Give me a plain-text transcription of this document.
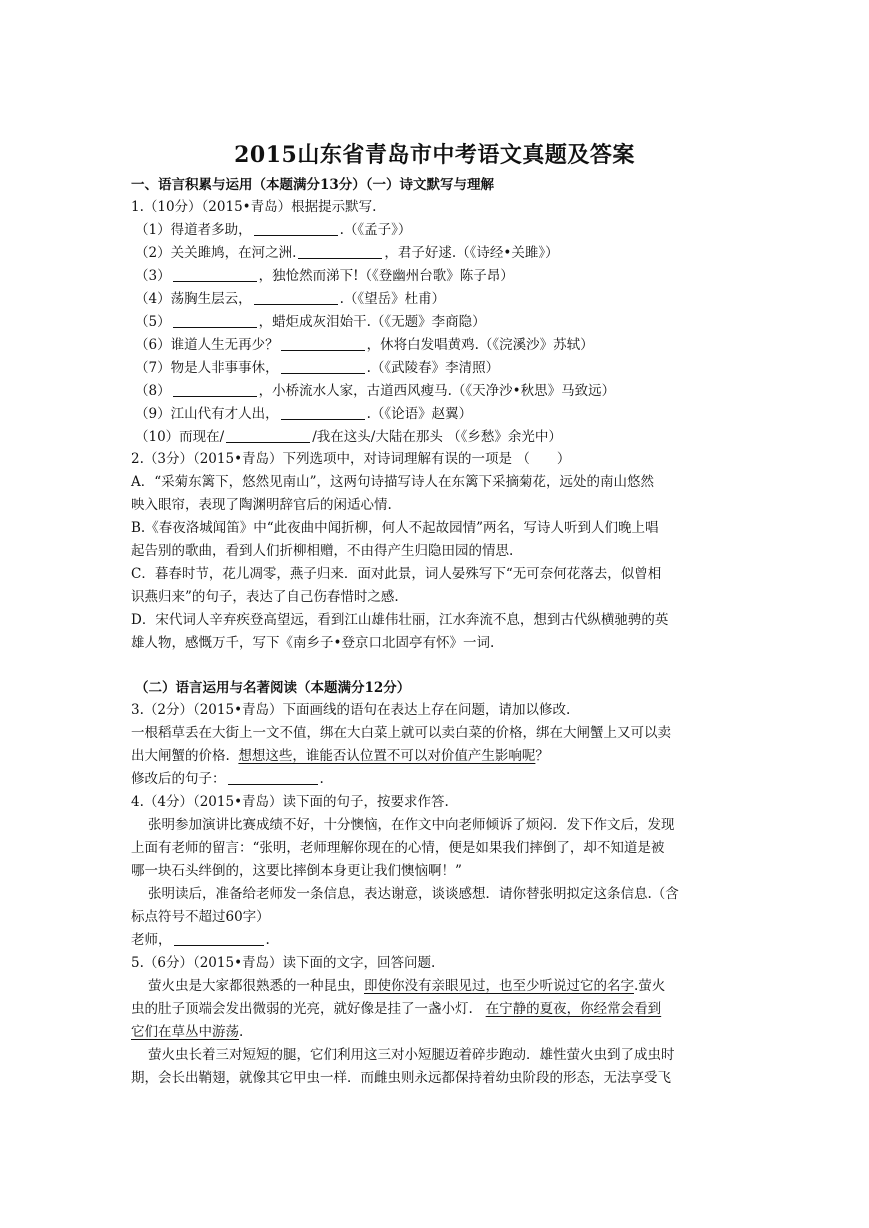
2015山东省青岛市中考语文真题及答案
一、语言积累与运用（本题满分13分）（一）诗文默写与理解
1.（10分）（2015•青岛）根据提示默写.
（1）得道者多助，	.（《孟子》）
（2）关关雎鸠，在河之洲.	，君子好逑.（《诗经•关雎》）
（3）	，独怆然而涕下!（《登幽州台歌》陈子昂）
（4）荡胸生层云，	.（《望岳》杜甫）
（5）	，蜡炬成灰泪始干.（《无题》李商隐）
（6）谁道人生无再少？	，休将白发唱黄鸡.（《浣溪沙》苏轼）
（7）物是人非事事休，	.（《武陵春》李清照）
（8）	，小桥流水人家，古道西风瘦马.（《天净沙•秋思》马致远）
（9）江山代有才人出，	.（《论语》赵翼）
（10）而现在/	/我在这头/大陆在那头 （《乡愁》余光中）
2.（3分）（2015•青岛）下列选项中，对诗词理解有误的一项是 （　　）
A．“采菊东篱下，悠然见南山”，这两句诗描写诗人在东篱下采摘菊花，远处的南山悠然
映入眼帘，表现了陶渊明辞官后的闲适心情.
B.《春夜洛城闻笛》中“此夜曲中闻折柳，何人不起故园情”两名，写诗人听到人们晚上唱
起告别的歌曲，看到人们折柳相赠，不由得产生归隐田园的情思.
C．暮春时节，花儿凋零，燕子归来．面对此景，词人晏殊写下“无可奈何花落去，似曾相
识燕归来”的句子，表达了自己伤春惜时之感.
D．宋代词人辛弃疾登高望远，看到江山雄伟壮丽，江水奔流不息，想到古代纵横驰骋的英
雄人物，感慨万千，写下《南乡子•登京口北固亭有怀》一词.
（二）语言运用与名著阅读（本题满分12分）
3.（2分）（2015•青岛）下面画线的语句在表达上存在问题，请加以修改.
一根稻草丢在大街上一文不值，绑在大白菜上就可以卖白菜的价格，绑在大闸蟹上又可以卖
出大闸蟹的价格. 想想这些，谁能否认位置不可以对价值产生影响呢？
修改后的句子：	.
4.（4分）（2015•青岛）读下面的句子，按要求作答.
张明参加演讲比赛成绩不好，十分懊恼，在作文中向老师倾诉了烦闷．发下作文后，发现
上面有老师的留言：“张明，老师理解你现在的心情，便是如果我们摔倒了，却不知道是被
哪一块石头绊倒的，这要比摔倒本身更让我们懊恼啊！”
张明读后，准备给老师发一条信息，表达谢意，谈谈感想．请你替张明拟定这条信息.（含
标点符号不超过60字）
老师，	.
5.（6分）（2015•青岛）读下面的文字，回答问题.
萤火虫是大家都很熟悉的一种昆虫，即使你没有亲眼见过，也至少听说过它的名字.萤火
虫的肚子顶端会发出微弱的光亮，就好像是挂了一盏小灯. 在宁静的夏夜，你经常会看到
它们在草丛中游荡.
萤火虫长着三对短短的腿，它们利用这三对小短腿迈着碎步跑动．雄性萤火虫到了成虫时
期，会长出鞘翅，就像其它甲虫一样．而雌虫则永远都保持着幼虫阶段的形态，无法享受飞
